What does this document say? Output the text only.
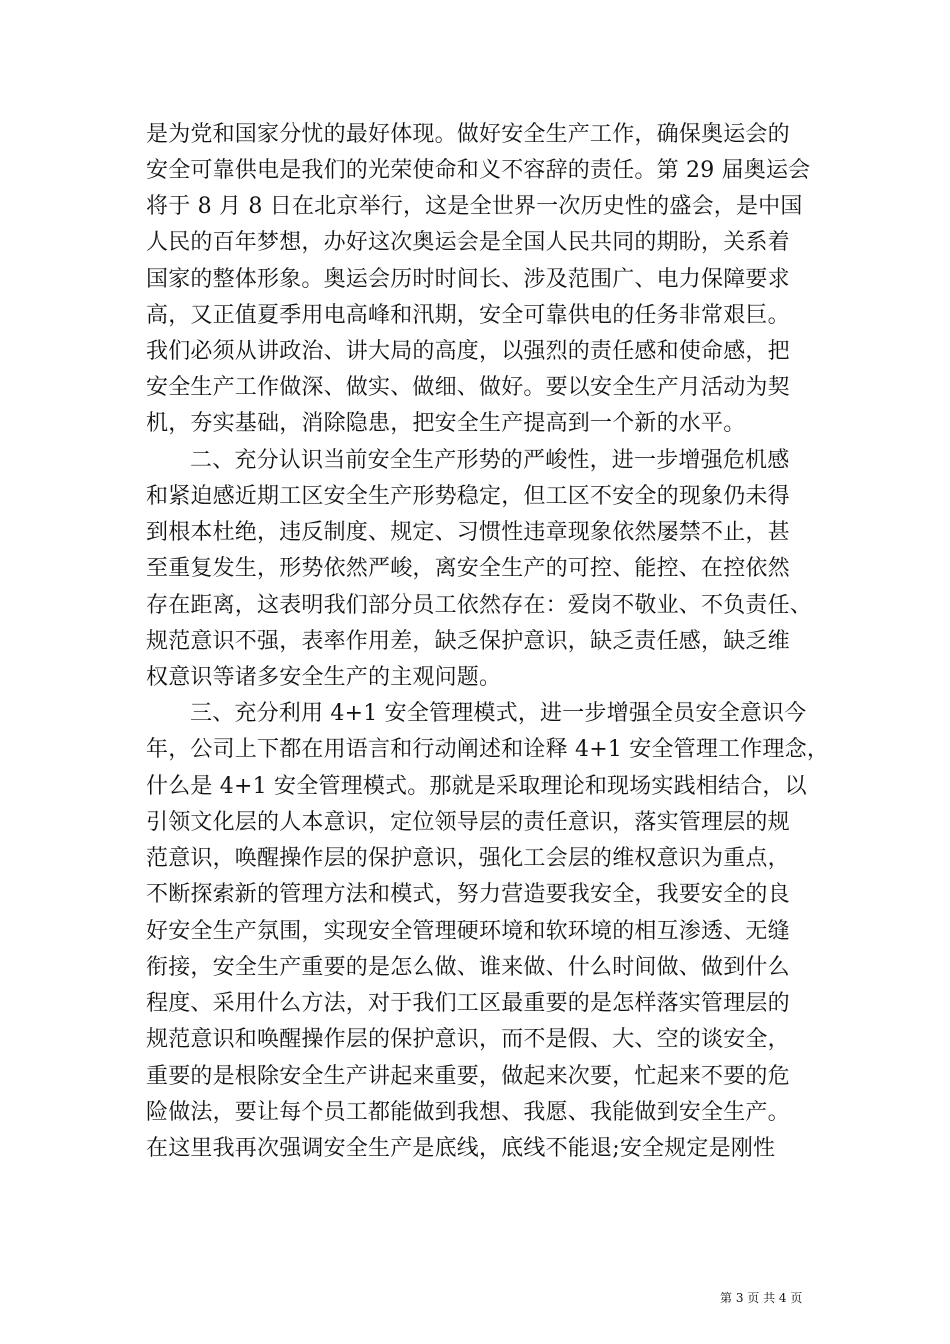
是为党和国家分忧的最好体现。做好安全生产工作，确保奥运会的
安全可靠供电是我们的光荣使命和义不容辞的责任。第 29 届奥运会
将于 8 月 8 日在北京举行，这是全世界一次历史性的盛会，是中国
人民的百年梦想，办好这次奥运会是全国人民共同的期盼，关系着
国家的整体形象。奥运会历时时间长、涉及范围广、电力保障要求
高，又正值夏季用电高峰和汛期，安全可靠供电的任务非常艰巨。
我们必须从讲政治、讲大局的高度，以强烈的责任感和使命感，把
安全生产工作做深、做实、做细、做好。要以安全生产月活动为契
机，夯实基础，消除隐患，把安全生产提高到一个新的水平。
二、充分认识当前安全生产形势的严峻性，进一步增强危机感
和紧迫感近期工区安全生产形势稳定，但工区不安全的现象仍未得
到根本杜绝，违反制度、规定、习惯性违章现象依然屡禁不止，甚
至重复发生，形势依然严峻，离安全生产的可控、能控、在控依然
存在距离，这表明我们部分员工依然存在：爱岗不敬业、不负责任、
规范意识不强，表率作用差，缺乏保护意识，缺乏责任感，缺乏维
权意识等诸多安全生产的主观问题。
三、充分利用 4+1 安全管理模式，进一步增强全员安全意识今
年，公司上下都在用语言和行动阐述和诠释 4+1 安全管理工作理念，
什么是 4+1 安全管理模式。那就是采取理论和现场实践相结合，以
引领文化层的人本意识，定位领导层的责任意识，落实管理层的规
范意识，唤醒操作层的保护意识，强化工会层的维权意识为重点，
不断探索新的管理方法和模式，努力营造要我安全，我要安全的良
好安全生产氛围，实现安全管理硬环境和软环境的相互渗透、无缝
衔接，安全生产重要的是怎么做、谁来做、什么时间做、做到什么
程度、采用什么方法，对于我们工区最重要的是怎样落实管理层的
规范意识和唤醒操作层的保护意识，而不是假、大、空的谈安全，
重要的是根除安全生产讲起来重要，做起来次要，忙起来不要的危
险做法，要让每个员工都能做到我想、我愿、我能做到安全生产。
在这里我再次强调安全生产是底线，底线不能退;安全规定是刚性
第 3 页 共 4 页
